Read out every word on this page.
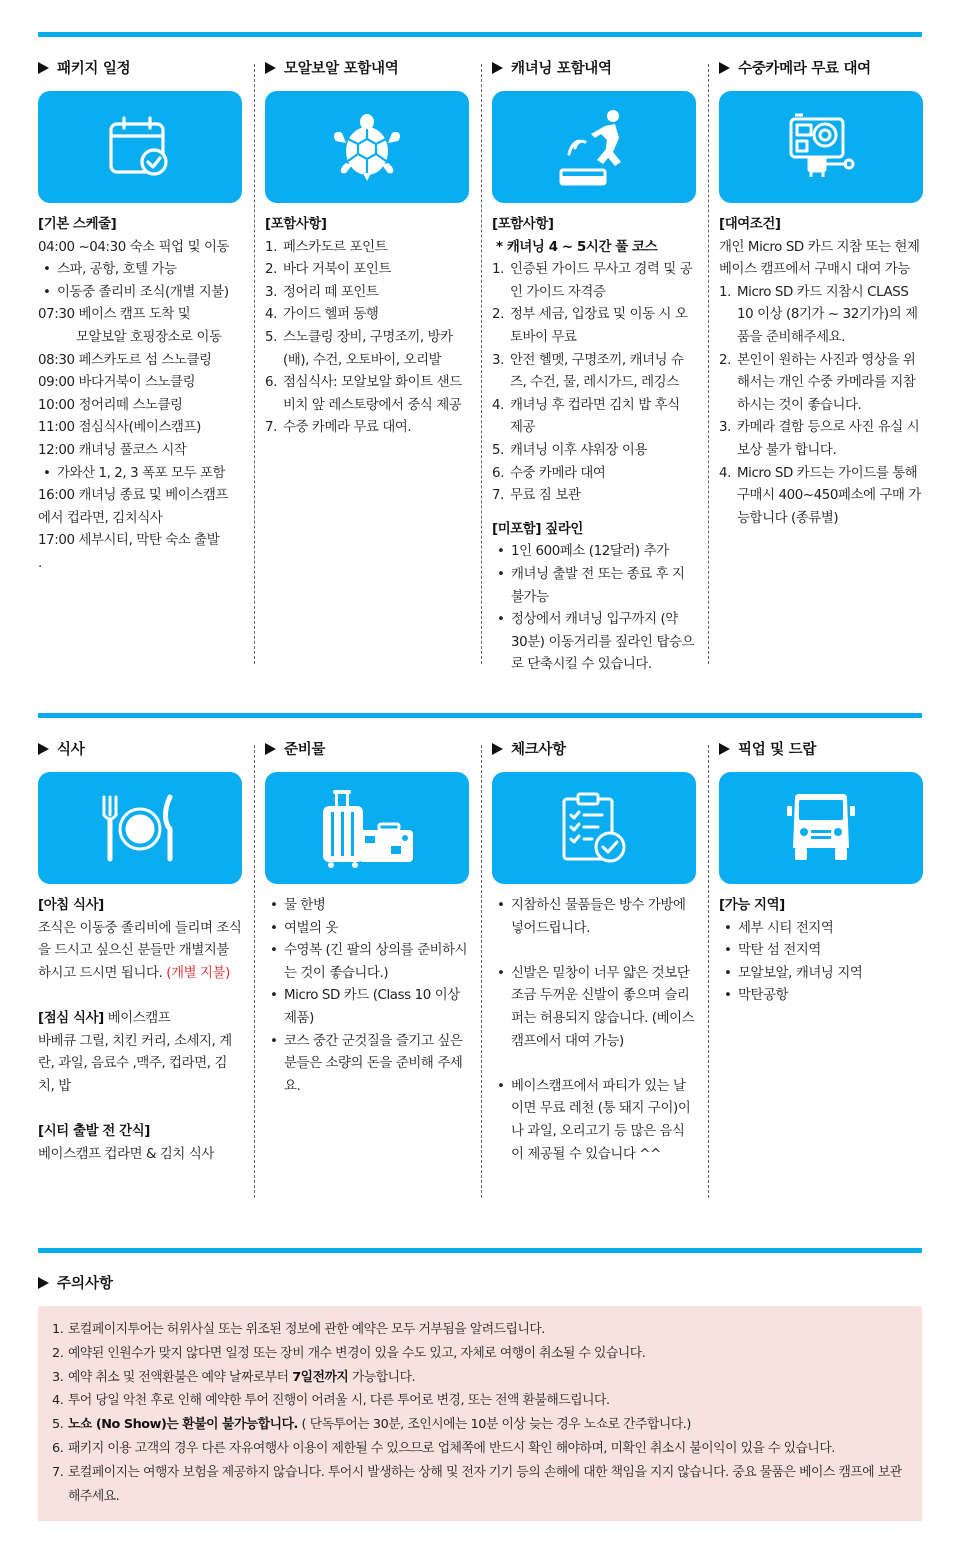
패키지 일정
[기본 스케줄]
04:00 ~04:30 숙소 픽업 및 이동
• 스파, 공항, 호텔 가능
• 이동중 졸리비 조식(개별 지불)
07:30 베이스 캠프 도착 및
모알보알 호핑장소로 이동
08:30 페스카도르 섬 스노클링
09:00 바다거북이 스노클링
10:00 정어리떼 스노클링
11:00 점심식사(베이스캠프)
12:00 캐녀닝 풀코스 시작
• 가와산 1, 2, 3 폭포 모두 포함
16:00 캐녀닝 종료 및 베이스캠프
에서 컵라면, 김치식사
17:00 세부시티, 막탄 숙소 출발
.
모알보알 포함내역
[포함사항]
1. 페스카도르 포인트
2. 바다 거북이 포인트
3. 정어리 떼 포인트
4. 가이드 헬퍼 동행
5. 스노클링 장비, 구명조끼, 방카(배), 수건, 오토바이, 오리발
6. 점심식사: 모알보알 화이트 샌드 비치 앞 레스토랑에서 중식 제공
7. 수중 카메라 무료 대여.
캐녀닝 포함내역
[포함사항]
* 캐녀닝 4 ~ 5시간 풀 코스
1. 인증된 가이드 무사고 경력 및 공인 가이드 자격증
2. 정부 세금, 입장료 및 이동 시 오토바이 무료
3. 안전 헬멧, 구명조끼, 캐녀닝 슈즈, 수건, 물, 레시가드, 레깅스
4. 캐녀닝 후 컵라면 김치 밥 후식 제공
5. 캐녀닝 이후 샤워장 이용
6. 수중 카메라 대여
7. 무료 짐 보관
[미포함] 짚라인
• 1인 600페소 (12달러) 추가
• 캐녀닝 출발 전 또는 종료 후 지불가능
• 정상에서 캐녀닝 입구까지 (약 30분) 이동거리를 짚라인 탑승으로 단축시킬 수 있습니다.
수중카메라 무료 대여
[대여조건]
개인 Micro SD 카드 지참 또는 현제 베이스 캠프에서 구매시 대여 가능
1. Micro SD 카드 지참시 CLASS 10 이상 (8기가 ~ 32기가)의 제품을 준비해주세요.
2. 본인이 원하는 사진과 영상을 위해서는 개인 수중 카메라를 지참하시는 것이 좋습니다.
3. 카메라 결함 등으로 사진 유실 시 보상 불가 합니다.
4. Micro SD 카드는 가이드를 통해 구매시 400~450페소에 구매 가능합니다 (종류별)
식사
[아침 식사]
조식은 이동중 졸리비에 들리며 조식을 드시고 싶으신 분들만 개별지불 하시고 드시면 됩니다. (개별 지불)
[점심 식사] 베이스캠프
바베큐 그릴, 치킨 커리, 소세지, 계란, 과일, 음료수 ,맥주, 컵라면, 김치, 밥
[시티 출발 전 간식]
베이스캠프 컵라면 & 김치 식사
준비물
• 물 한병
• 여벌의 옷
• 수영복 (긴 팔의 상의를 준비하시는 것이 좋습니다.)
• Micro SD 카드 (Class 10 이상 제품)
• 코스 중간 군것질을 즐기고 싶은 분들은 소량의 돈을 준비해 주세요.
체크사항
• 지참하신 물품들은 방수 가방에 넣어드립니다.
• 신발은 밑창이 너무 얇은 것보단 조금 두꺼운 신발이 좋으며 슬리퍼는 허용되지 않습니다. (베이스 캠프에서 대여 가능)
• 베이스캠프에서 파티가 있는 날이면 무료 레천 (통 돼지 구이)이나 과일, 오리고기 등 많은 음식이 제공될 수 있습니다 ^^
픽업 및 드랍
[가능 지역]
• 세부 시티 전지역
• 막탄 섬 전지역
• 모알보알, 캐녀닝 지역
• 막탄공항
주의사항
1. 로컬페이지투어는 허위사실 또는 위조된 정보에 관한 예약은 모두 거부됨을 알려드립니다.
2. 예약된 인원수가 맞지 않다면 일정 또는 장비 개수 변경이 있을 수도 있고, 자체로 여행이 취소될 수 있습니다.
3. 예약 취소 및 전액환불은 예약 날짜로부터 7일전까지 가능합니다.
4. 투어 당일 악천 후로 인해 예약한 투어 진행이 어려울 시, 다른 투어로 변경, 또는 전액 환불해드립니다.
5. 노쇼 (No Show)는 환불이 불가능합니다. ( 단독투어는 30분, 조인시에는 10분 이상 늦는 경우 노쇼로 간주합니다.)
6. 패키지 이용 고객의 경우 다른 자유여행사 이용이 제한될 수 있으므로 업체쪽에 반드시 확인 해야하며, 미확인 취소시 불이익이 있을 수 있습니다.
7. 로컬페이지는 여행자 보험을 제공하지 않습니다. 투어시 발생하는 상해 및 전자 기기 등의 손해에 대한 책임을 지지 않습니다. 중요 물품은 베이스 캠프에 보관해주세요.
